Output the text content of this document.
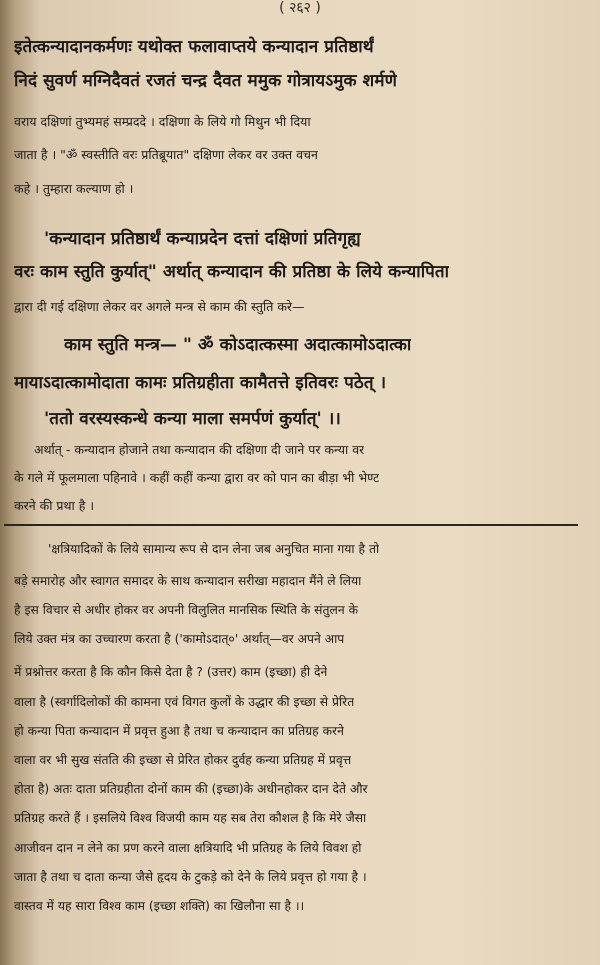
( २६२ )
इतेत्कन्यादानकर्मणः यथोक्त फलावाप्तये कन्यादान प्रतिष्ठार्थं
निदं सुवर्ण मग्निदैवतं रजतं चन्द्र दैवत ममुक गोत्रायऽमुक शर्मणे
वराय दक्षिणां तुभ्यमहं सम्प्रददे । दक्षिणा के लिये गो मिथुन भी दिया
जाता है । "ॐ स्वस्तीति वरः प्रतिब्रूयात" दक्षिणा लेकर वर उक्त वचन
कहे । तुम्हारा कल्याण हो ।
'कन्यादान प्रतिष्ठार्थं कन्याप्रदेन दत्तां दक्षिणां प्रतिगृह्य
वरः काम स्तुति कुर्यात्" अर्थात् कन्यादान की प्रतिष्ठा के लिये कन्यापिता
द्वारा दी गई दक्षिणा लेकर वर अगले मन्त्र से काम की स्तुति करे—
काम स्तुति मन्त्र— " ॐ कोऽदात्कस्मा अदात्कामोऽदात्का
मायाऽदात्कामोदाता कामः प्रतिग्रहीता कामैतत्ते इतिवरः पठेत् ।
'ततो वरस्यस्कन्धे कन्या माला समर्पणं कुर्यात्' ।।
अर्थात् - कन्यादान होजाने तथा कन्यादान की दक्षिणा दी जाने पर कन्या वर
के गले में फूलमाला पहिनावे । कहीं कहीं कन्या द्वारा वर को पान का बीड़ा भी भेण्ट
करने की प्रथा है ।
'क्षत्रियादिकों के लिये सामान्य रूप से दान लेना जब अनुचित माना गया है तो
बड़े समारोह और स्वागत समादर के साथ कन्यादान सरीखा महादान मैंने ले लिया
है इस विचार से अधीर होकर वर अपनी विलुलित मानसिक स्थिति के संतुलन के
लिये उक्त मंत्र का उच्चारण करता है ('कामोऽदात्०' अर्थात्—वर अपने आप
में प्रश्नोत्तर करता है कि कौन किसे देता है ? (उत्तर) काम (इच्छा) ही देने
वाला है (स्वर्गादिलोकों की कामना एवं विगत कुलों के उद्धार की इच्छा से प्रेरित
हो कन्या पिता कन्यादान में प्रवृत्त हुआ है तथा च कन्यादान का प्रतिग्रह करने
वाला वर भी सुख संतति की इच्छा से प्रेरित होकर दुर्वह कन्या प्रतिग्रह में प्रवृत्त
होता है) अतः दाता प्रतिग्रहीता दोनों काम की (इच्छा)के अधीनहोकर दान देते और
प्रतिग्रह करते हैं । इसलिये विश्व विजयी काम यह सब तेरा कौशल है कि मेरे जैसा
आजीवन दान न लेने का प्रण करने वाला क्षत्रियादि भी प्रतिग्रह के लिये विवश हो
जाता है तथा च दाता कन्या जैसे हृदय के टुकड़े को देने के लिये प्रवृत्त हो गया है ।
वास्तव में यह सारा विश्व काम (इच्छा शक्ति) का खिलौना सा है ।।
